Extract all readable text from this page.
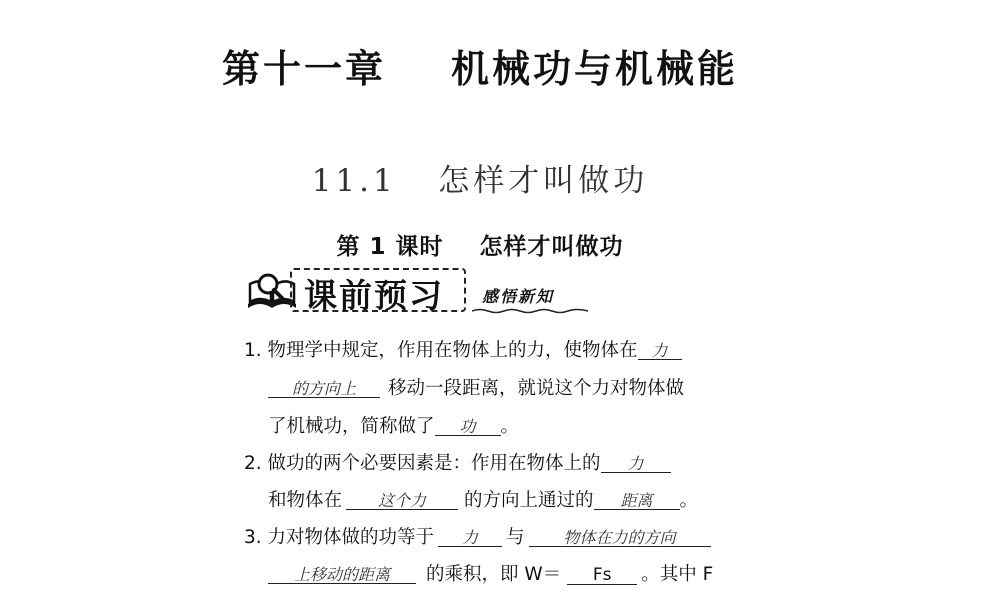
第十一章    机械功与机械能
11.1   怎样才叫做功
第 1 课时    怎样才叫做功
课前预习 感悟新知
1. 物理学中规定，作用在物体上的力，使物体在 力
的方向上 移动一段距离，就说这个力对物体做
了机械功，简称做了 功 。
2. 做功的两个必要因素是：作用在物体上的 力
和物体在 这个力 的方向上通过的 距离 。
3. 力对物体做的功等于 力 与 物体在力的方向
上移动的距离 的乘积，即 W＝ Fs 。其中 F
